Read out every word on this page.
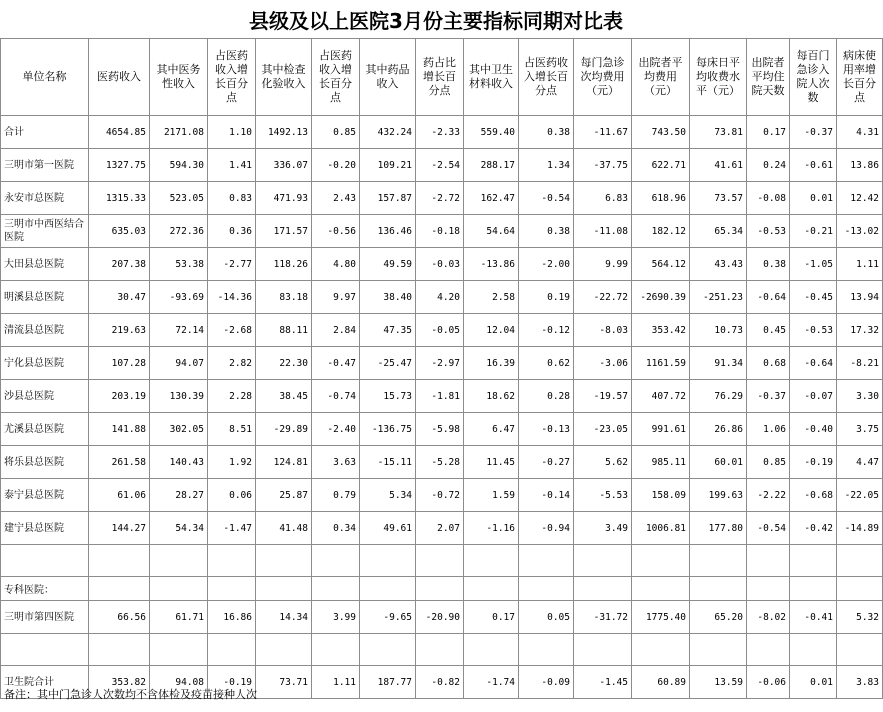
县级及以上医院3月份主要指标同期对比表
单位名称	医药收入	其中医务性收入	占医药收入增长百分点	其中检查化验收入	占医药收入增长百分点	其中药品收入	药占比增长百分点	其中卫生材料收入	占医药收入增长百分点	每门急诊次均费用（元）	出院者平均费用（元）	每床日平均收费水平（元）	出院者平均住院天数	每百门急诊入院人次数	病床使用率增长百分点
合计	4654.85	2171.08	1.10	1492.13	0.85	432.24	-2.33	559.40	0.38	-11.67	743.50	73.81	0.17	-0.37	4.31
三明市第一医院	1327.75	594.30	1.41	336.07	-0.20	109.21	-2.54	288.17	1.34	-37.75	622.71	41.61	0.24	-0.61	13.86
永安市总医院	1315.33	523.05	0.83	471.93	2.43	157.87	-2.72	162.47	-0.54	6.83	618.96	73.57	-0.08	0.01	12.42
三明市中西医结合医院	635.03	272.36	0.36	171.57	-0.56	136.46	-0.18	54.64	0.38	-11.08	182.12	65.34	-0.53	-0.21	-13.02
大田县总医院	207.38	53.38	-2.77	118.26	4.80	49.59	-0.03	-13.86	-2.00	9.99	564.12	43.43	0.38	-1.05	1.11
明溪县总医院	30.47	-93.69	-14.36	83.18	9.97	38.40	4.20	2.58	0.19	-22.72	-2690.39	-251.23	-0.64	-0.45	13.94
清流县总医院	219.63	72.14	-2.68	88.11	2.84	47.35	-0.05	12.04	-0.12	-8.03	353.42	10.73	0.45	-0.53	17.32
宁化县总医院	107.28	94.07	2.82	22.30	-0.47	-25.47	-2.97	16.39	0.62	-3.06	1161.59	91.34	0.68	-0.64	-8.21
沙县总医院	203.19	130.39	2.28	38.45	-0.74	15.73	-1.81	18.62	0.28	-19.57	407.72	76.29	-0.37	-0.07	3.30
尤溪县总医院	141.88	302.05	8.51	-29.89	-2.40	-136.75	-5.98	6.47	-0.13	-23.05	991.61	26.86	1.06	-0.40	3.75
将乐县总医院	261.58	140.43	1.92	124.81	3.63	-15.11	-5.28	11.45	-0.27	5.62	985.11	60.01	0.85	-0.19	4.47
泰宁县总医院	61.06	28.27	0.06	25.87	0.79	5.34	-0.72	1.59	-0.14	-5.53	158.09	199.63	-2.22	-0.68	-22.05
建宁县总医院	144.27	54.34	-1.47	41.48	0.34	49.61	2.07	-1.16	-0.94	3.49	1006.81	177.80	-0.54	-0.42	-14.89

专科医院：															
三明市第四医院	66.56	61.71	16.86	14.34	3.99	-9.65	-20.90	0.17	0.05	-31.72	1775.40	65.20	-8.02	-0.41	5.32

卫生院合计	353.82	94.08	-0.19	73.71	1.11	187.77	-0.82	-1.74	-0.09	-1.45	60.89	13.59	-0.06	0.01	3.83
备注：其中门急诊人次数均不含体检及疫苗接种人次
